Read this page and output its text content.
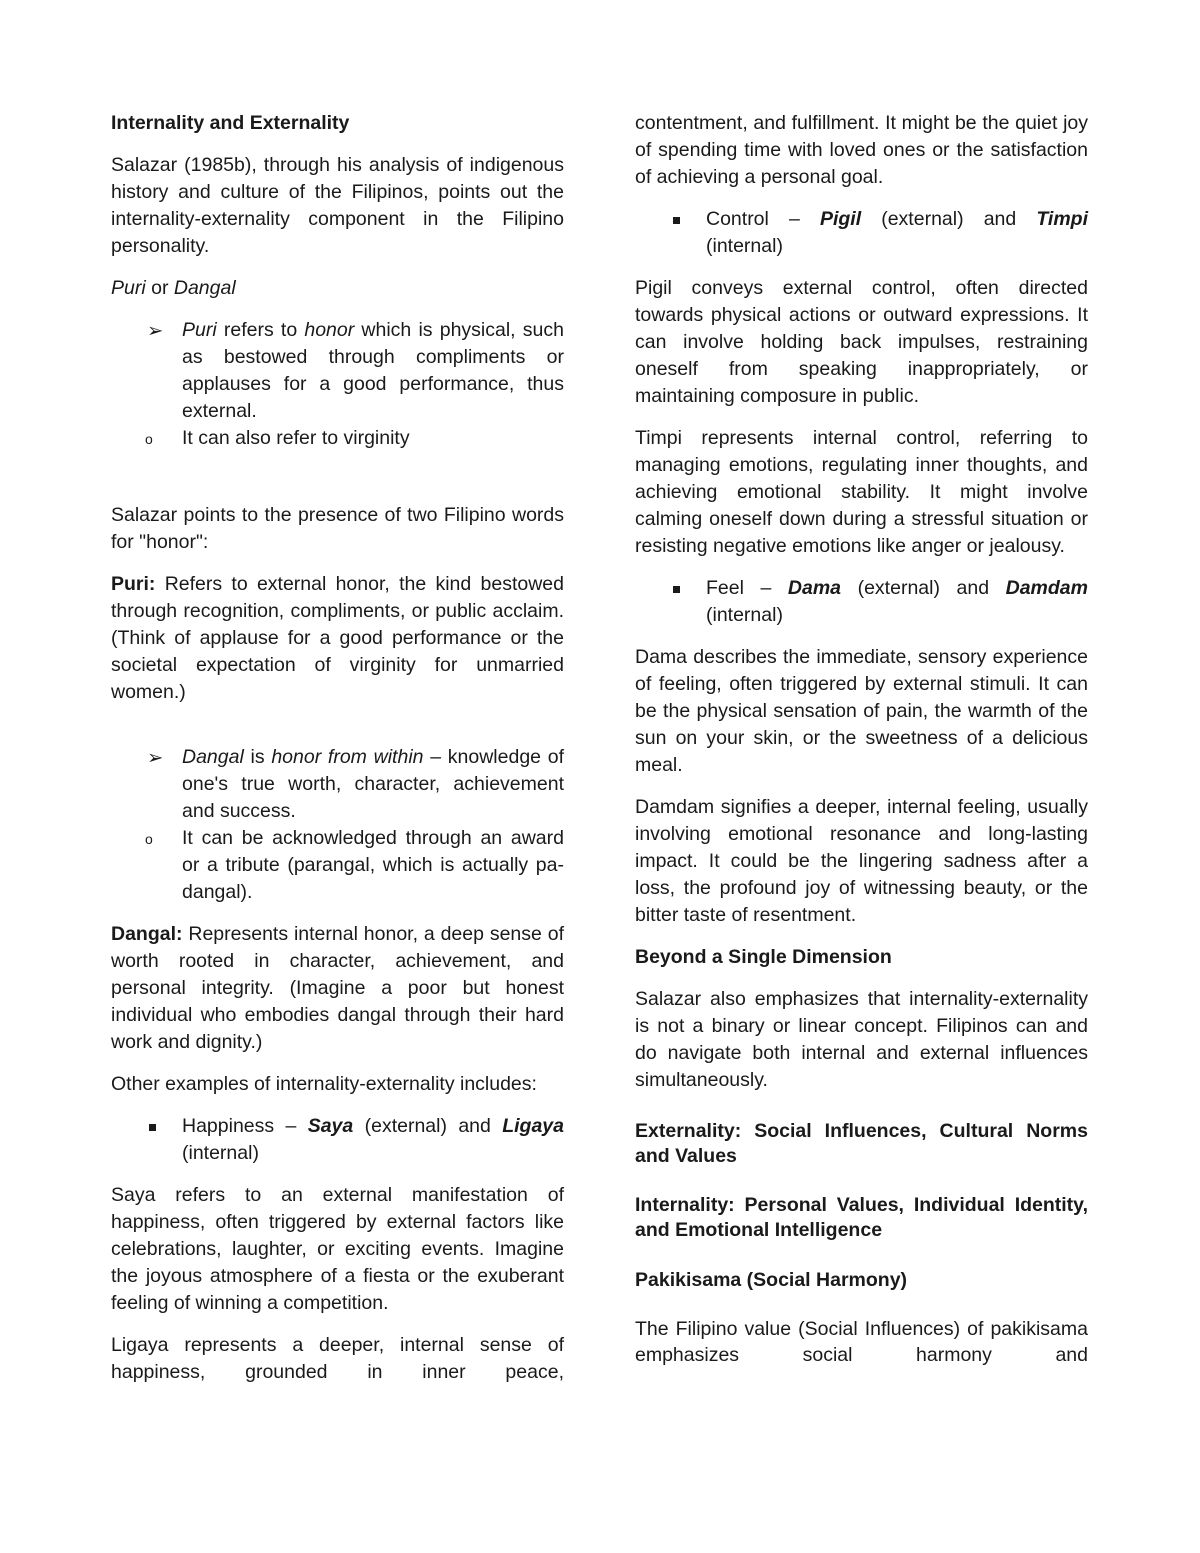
Internality and Externality

Salazar (1985b), through his analysis of indigenous history and culture of the Filipinos, points out the internality-externality component in the Filipino personality.

Puri or Dangal

➢ Puri refers to honor which is physical, such as bestowed through compliments or applauses for a good performance, thus external.
o It can also refer to virginity

Salazar points to the presence of two Filipino words for "honor":

Puri: Refers to external honor, the kind bestowed through recognition, compliments, or public acclaim. (Think of applause for a good performance or the societal expectation of virginity for unmarried women.)

➢ Dangal is honor from within – knowledge of one's true worth, character, achievement and success.
o It can be acknowledged through an award or a tribute (parangal, which is actually pa-dangal).

Dangal: Represents internal honor, a deep sense of worth rooted in character, achievement, and personal integrity. (Imagine a poor but honest individual who embodies dangal through their hard work and dignity.)

Other examples of internality-externality includes:

Happiness – Saya (external) and Ligaya (internal)

Saya refers to an external manifestation of happiness, often triggered by external factors like celebrations, laughter, or exciting events. Imagine the joyous atmosphere of a fiesta or the exuberant feeling of winning a competition.

Ligaya represents a deeper, internal sense of happiness, grounded in inner peace,

contentment, and fulfillment. It might be the quiet joy of spending time with loved ones or the satisfaction of achieving a personal goal.

Control – Pigil (external) and Timpi (internal)

Pigil conveys external control, often directed towards physical actions or outward expressions. It can involve holding back impulses, restraining oneself from speaking inappropriately, or maintaining composure in public.

Timpi represents internal control, referring to managing emotions, regulating inner thoughts, and achieving emotional stability. It might involve calming oneself down during a stressful situation or resisting negative emotions like anger or jealousy.

Feel – Dama (external) and Damdam (internal)

Dama describes the immediate, sensory experience of feeling, often triggered by external stimuli. It can be the physical sensation of pain, the warmth of the sun on your skin, or the sweetness of a delicious meal.

Damdam signifies a deeper, internal feeling, usually involving emotional resonance and long-lasting impact. It could be the lingering sadness after a loss, the profound joy of witnessing beauty, or the bitter taste of resentment.

Beyond a Single Dimension

Salazar also emphasizes that internality-externality is not a binary or linear concept. Filipinos can and do navigate both internal and external influences simultaneously.

Externality: Social Influences, Cultural Norms and Values

Internality: Personal Values, Individual Identity, and Emotional Intelligence

Pakikisama (Social Harmony)

The Filipino value (Social Influences) of pakikisama emphasizes social harmony and
